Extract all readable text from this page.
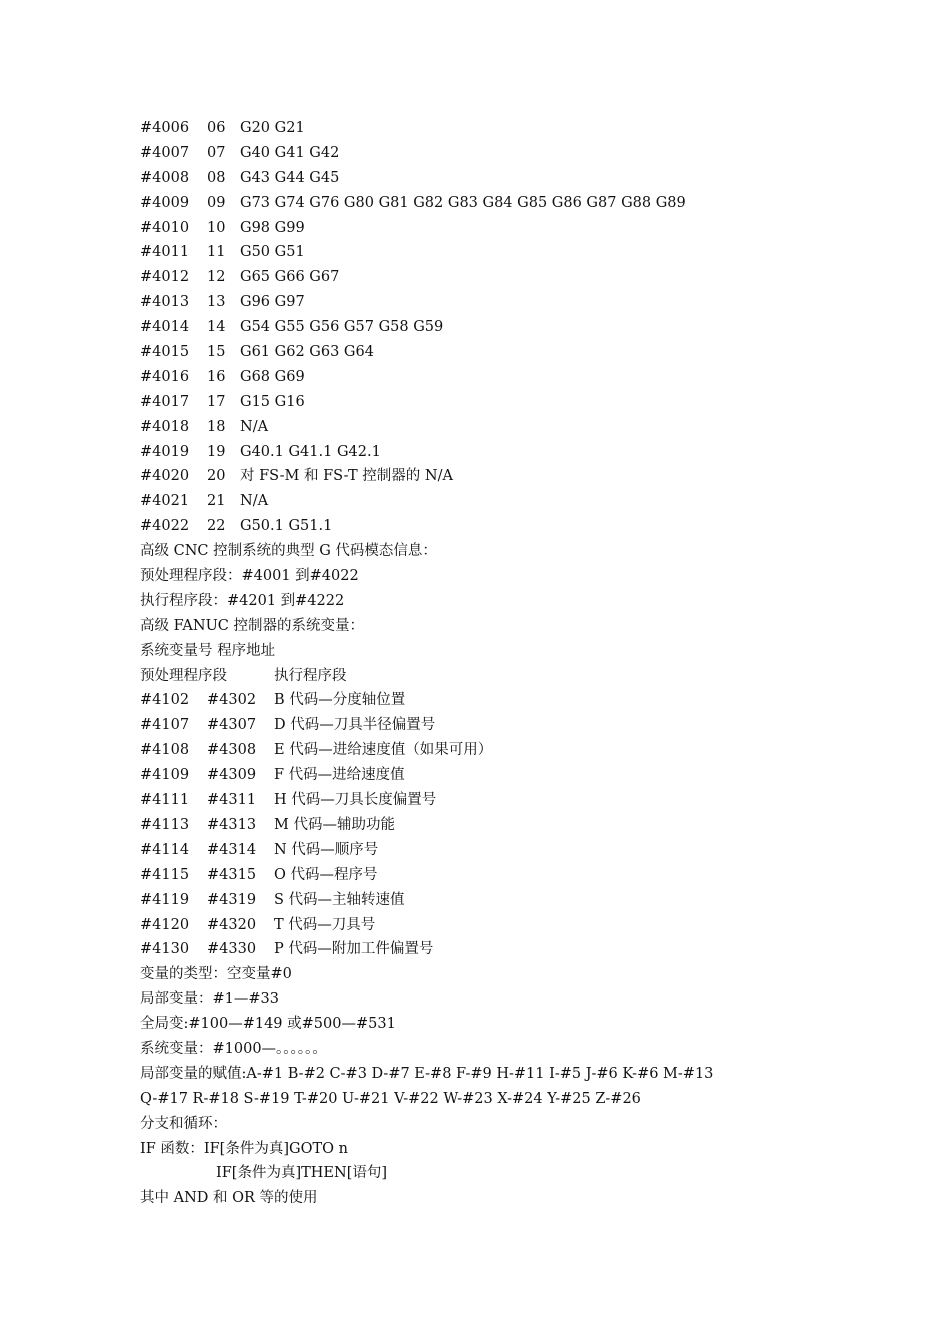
#4006 06 G20 G21
#4007 07 G40 G41 G42
#4008 08 G43 G44 G45
#4009 09 G73 G74 G76 G80 G81 G82 G83 G84 G85 G86 G87 G88 G89
#4010 10 G98 G99
#4011 11 G50 G51
#4012 12 G65 G66 G67
#4013 13 G96 G97
#4014 14 G54 G55 G56 G57 G58 G59
#4015 15 G61 G62 G63 G64
#4016 16 G68 G69
#4017 17 G15 G16
#4018 18 N/A
#4019 19 G40.1 G41.1 G42.1
#4020 20 对 FS-M 和 FS-T 控制器的 N/A
#4021 21 N/A
#4022 22 G50.1 G51.1
高级 CNC 控制系统的典型 G 代码模态信息：
预处理程序段：#4001 到#4022
执行程序段：#4201 到#4222
高级 FANUC 控制器的系统变量：
系统变量号 程序地址
预处理程序段	执行程序段
#4102 #4302 B 代码—分度轴位置
#4107 #4307 D 代码—刀具半径偏置号
#4108 #4308 E 代码—进给速度值（如果可用）
#4109 #4309 F 代码—进给速度值
#4111 #4311 H 代码—刀具长度偏置号
#4113 #4313 M 代码—辅助功能
#4114 #4314 N 代码—顺序号
#4115 #4315 O 代码—程序号
#4119 #4319 S 代码—主轴转速值
#4120 #4320 T 代码—刀具号
#4130 #4330 P 代码—附加工件偏置号
变量的类型：空变量#0
局部变量：#1—#33
全局变:#100—#149 或#500—#531
系统变量：#1000—。。。。。。
局部变量的赋值:A-#1 B-#2 C-#3 D-#7 E-#8 F-#9 H-#11 I-#5 J-#6 K-#6 M-#13
Q-#17 R-#18 S-#19 T-#20 U-#21 V-#22 W-#23 X-#24 Y-#25 Z-#26
分支和循环：
IF 函数：IF[条件为真]GOTO n
IF[条件为真]THEN[语句]
其中 AND 和 OR 等的使用
